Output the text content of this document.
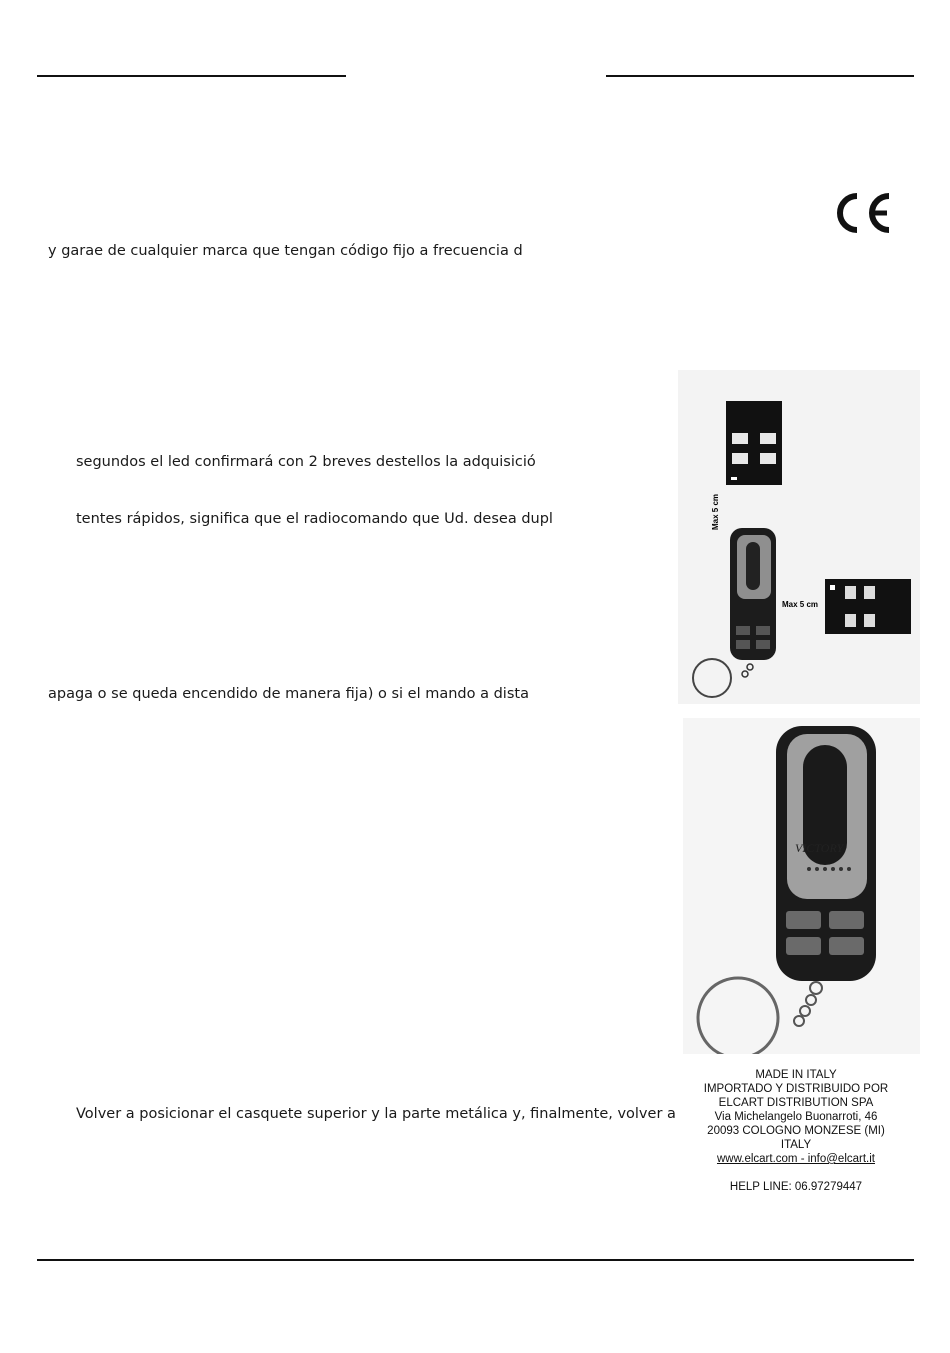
y garae de cualquier marca que tengan código fijo a frecuencia d
segundos el led confirmará con 2 breves destellos la adquisició
tentes rápidos, significa que el radiocomando que Ud. desea dupl
apaga o se queda encendido de manera fija) o si el mando a dista
Volver a posicionar el casquete superior y la parte metálica y, finalmente, volver a
Max 5 cm
Max 5 cm
VICTORY
MADE IN ITALY
IMPORTADO Y DISTRIBUIDO POR
ELCART DISTRIBUTION SPA
Via Michelangelo Buonarroti, 46
20093 COLOGNO MONZESE (MI)
ITALY
www.elcart.com - info@elcart.it
HELP LINE: 06.97279447
